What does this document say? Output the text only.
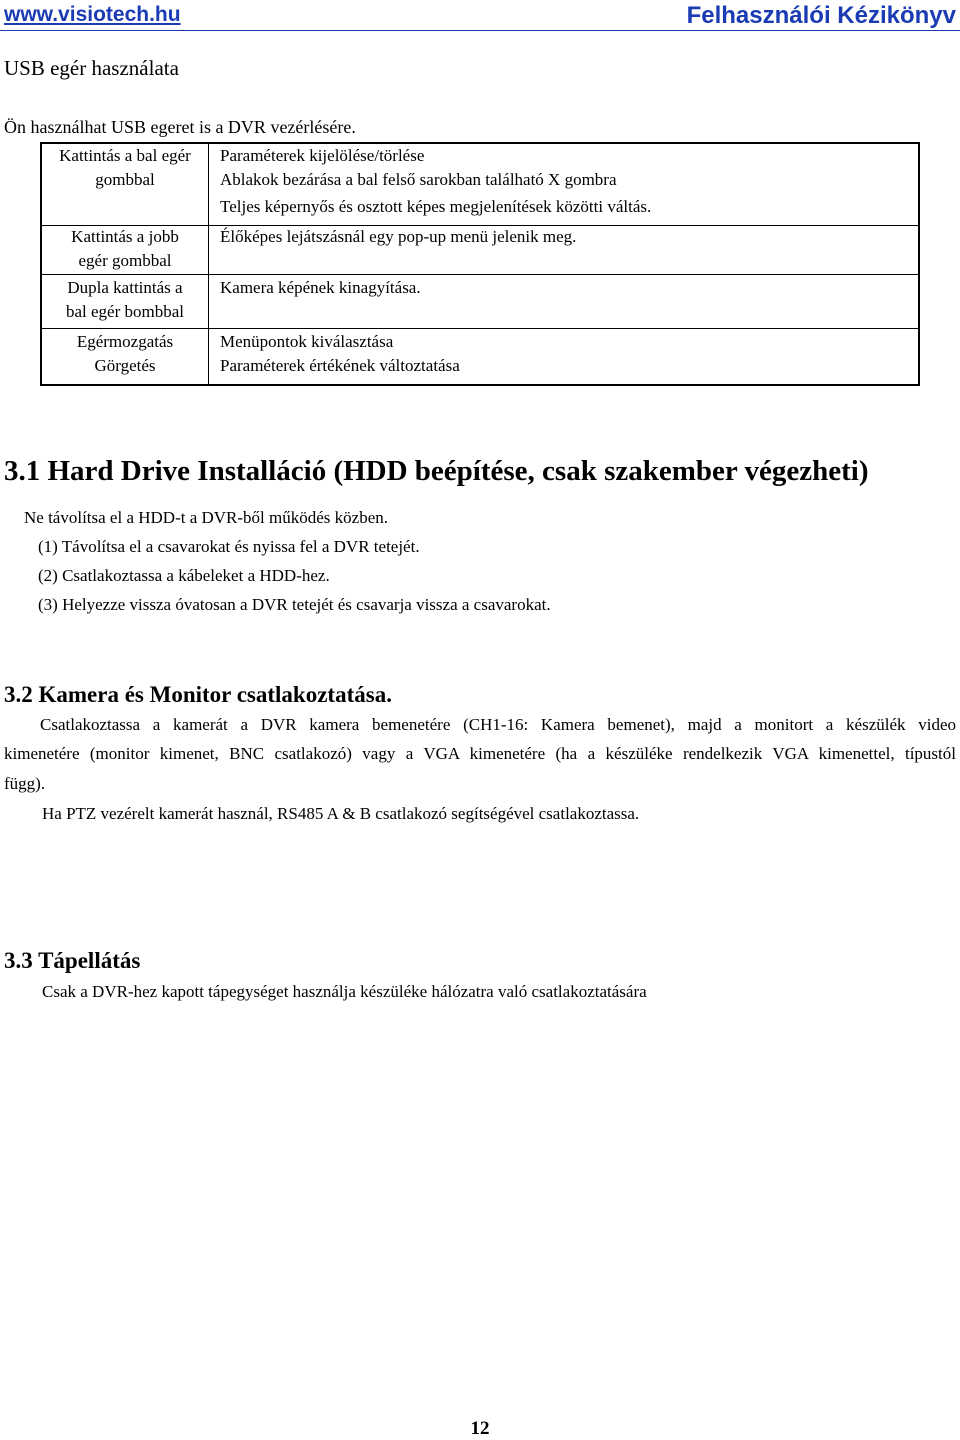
www.visiotech.hu	Felhasználói Kézikönyv
USB egér használata
Ön használhat USB egeret is a DVR vezérlésére.
Kattintás a bal egér
gombbal
Paraméterek kijelölése/törlése
Ablakok bezárása a bal felső sarokban található X gombra
Teljes képernyős és osztott képes megjelenítések közötti váltás.
Kattintás a jobb
egér gombbal
Élőképes lejátszásnál egy pop-up menü jelenik meg.
Dupla kattintás a
bal egér bombbal
Kamera képének kinagyítása.
Egérmozgatás
Görgetés
Menüpontok kiválasztása
Paraméterek értékének változtatása
3.1 Hard Drive Installáció (HDD beépítése, csak szakember végezheti)
Ne távolítsa el a HDD-t a DVR-ből működés közben.
(1) Távolítsa el a csavarokat és nyissa fel a DVR tetejét.
(2) Csatlakoztassa a kábeleket a HDD-hez.
(3) Helyezze vissza óvatosan a DVR tetejét és csavarja vissza a csavarokat.
3.2 Kamera és Monitor csatlakoztatása.
Csatlakoztassa a kamerát a DVR kamera bemenetére (CH1-16: Kamera bemenet), majd a monitort a készülék video
kimenetére (monitor kimenet, BNC csatlakozó) vagy a VGA kimenetére (ha a készüléke rendelkezik VGA kimenettel, típustól
függ).
Ha PTZ vezérelt kamerát használ, RS485 A & B csatlakozó segítségével csatlakoztassa.
3.3 Tápellátás
Csak a DVR-hez kapott tápegységet használja készüléke hálózatra való csatlakoztatására
12
